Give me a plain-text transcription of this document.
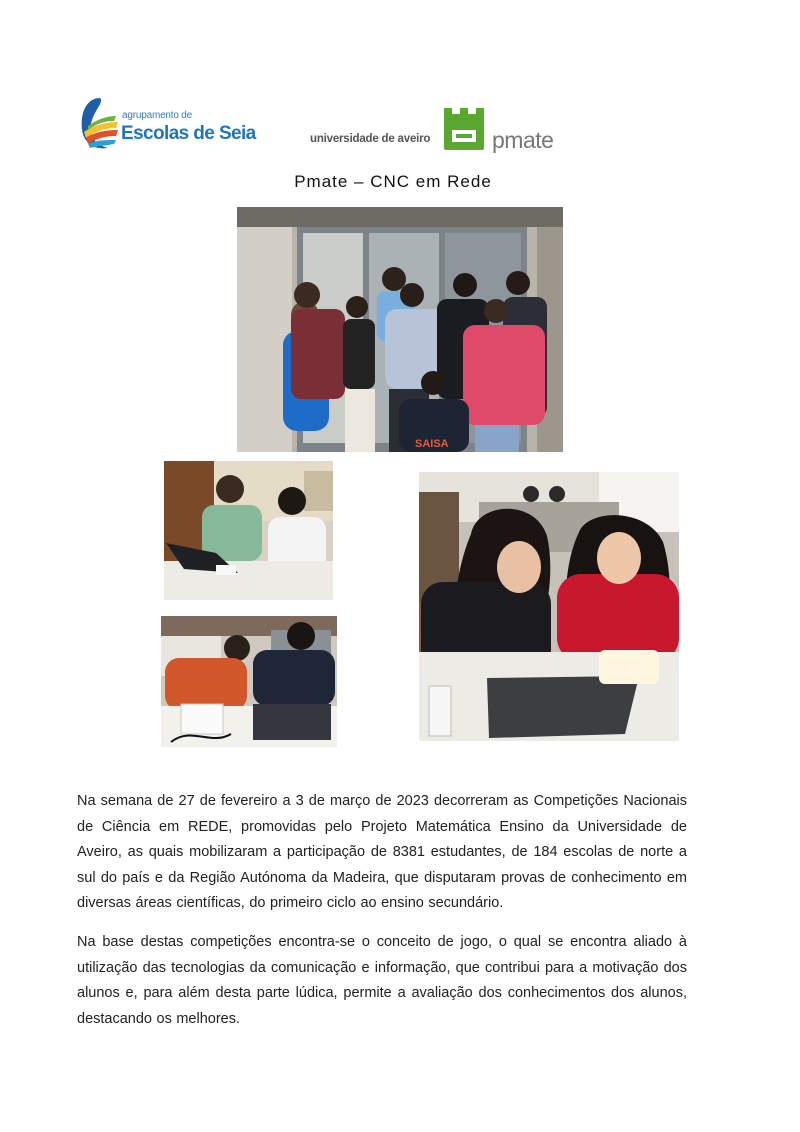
agrupamento de
Escolas de Seia	universidade de aveiro	pmate
Pmate – CNC em Rede
SAISA
Na semana de 27 de fevereiro a 3 de março de 2023 decorreram as Competições Nacionais de Ciência em REDE, promovidas pelo Projeto Matemática Ensino da Universidade de Aveiro, as quais mobilizaram a participação de 8381 estudantes, de 184 escolas de norte a sul do país e da Região Autónoma da Madeira, que disputaram provas de conhecimento em diversas áreas científicas, do primeiro ciclo ao ensino secundário.
Na base destas competições encontra-se o conceito de jogo, o qual se encontra aliado à utilização das tecnologias da comunicação e informação, que contribui para a motivação dos alunos e, para além desta parte lúdica, permite a avaliação dos conhecimentos dos alunos, destacando os melhores.
